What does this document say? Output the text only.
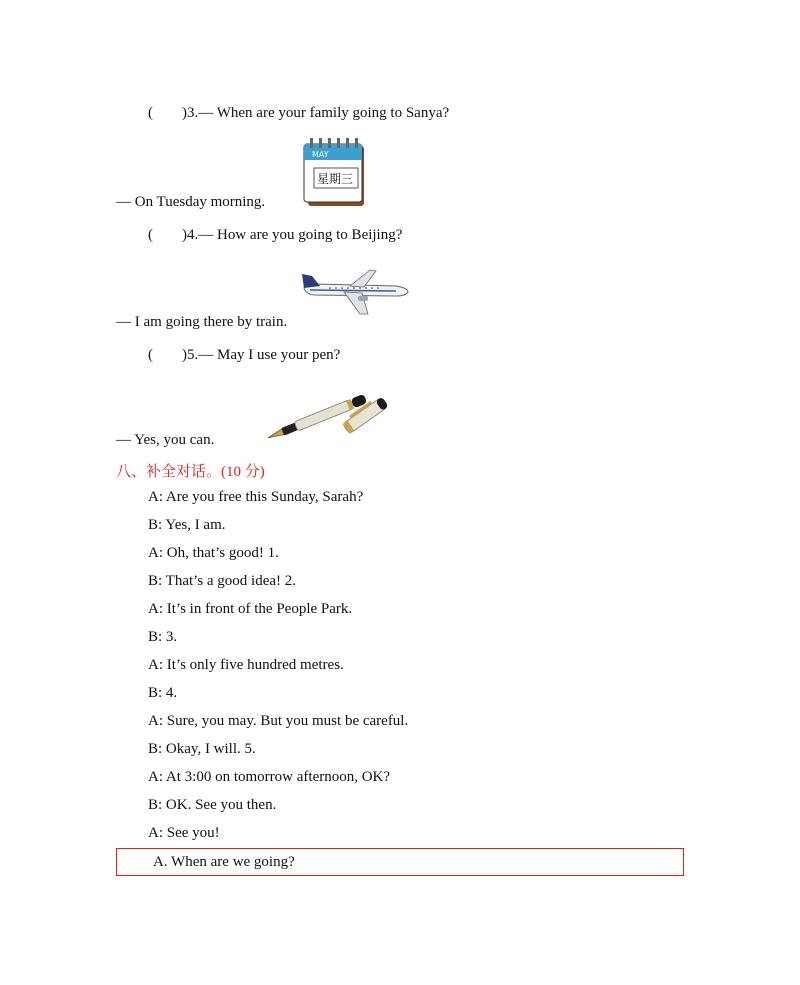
( )3.— When are your family going to Sanya?
MAY
星期三
— On Tuesday morning.
( )4.— How are you going to Beijing?
— I am going there by train.
( )5.— May I use your pen?
— Yes, you can.
八、补全对话。(10 分)
A: Are you free this Sunday, Sarah?
B: Yes, I am.
A: Oh, that’s good! 1.
B: That’s a good idea! 2.
A: It’s in front of the People Park.
B: 3.
A: It’s only five hundred metres.
B: 4.
A: Sure, you may. But you must be careful.
B: Okay, I will. 5.
A: At 3:00 on tomorrow afternoon, OK?
B: OK. See you then.
A: See you!
A. When are we going?
